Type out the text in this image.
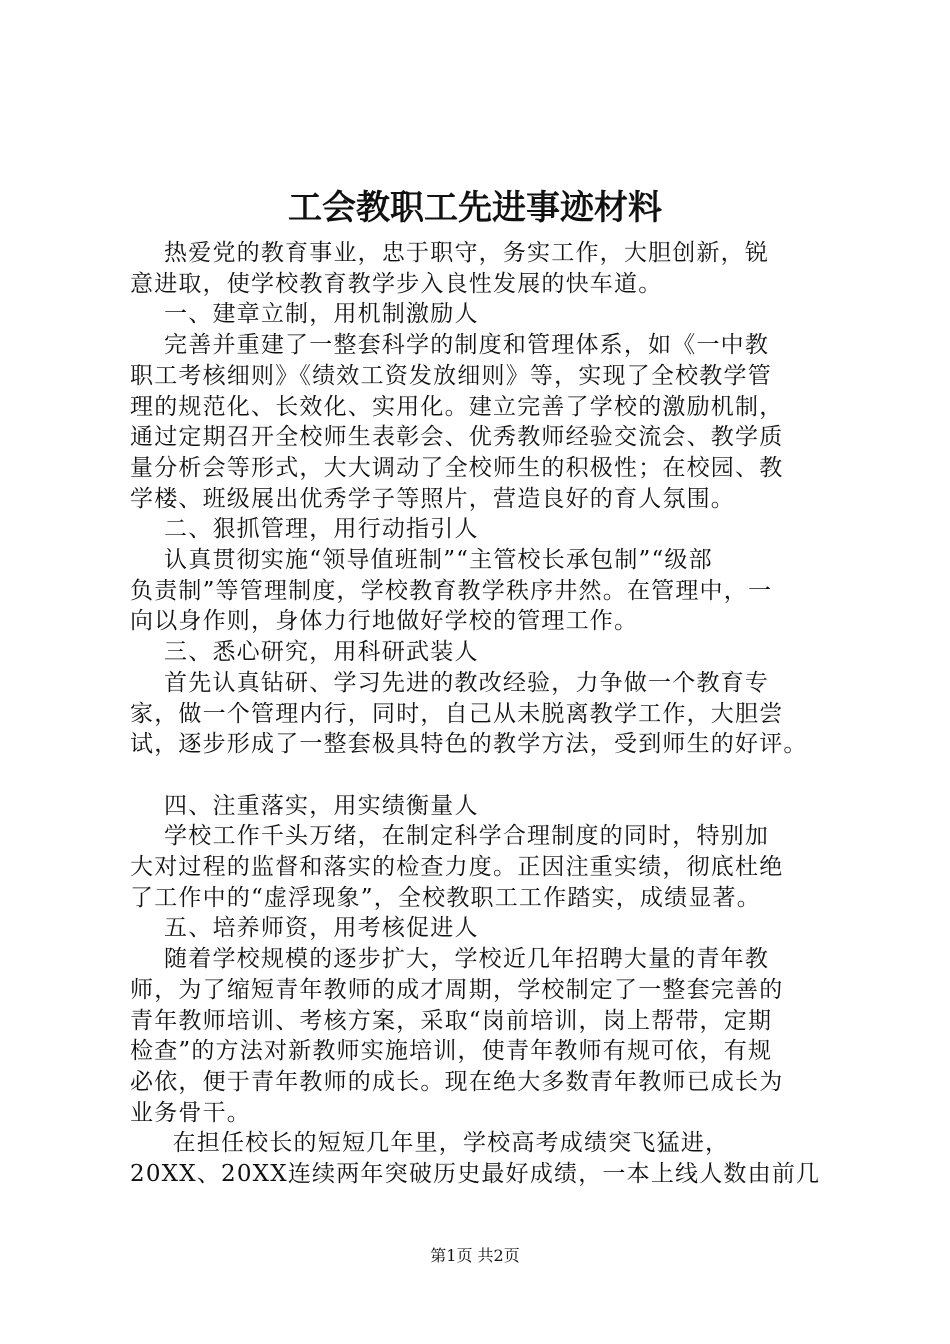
工会教职工先进事迹材料

热爱党的教育事业，忠于职守，务实工作，大胆创新，锐

意进取，使学校教育教学步入良性发展的快车道。

一、建章立制，用机制激励人

完善并重建了一整套科学的制度和管理体系，如《一中教

职工考核细则》《绩效工资发放细则》等，实现了全校教学管

理的规范化、长效化、实用化。建立完善了学校的激励机制，

通过定期召开全校师生表彰会、优秀教师经验交流会、教学质

量分析会等形式，大大调动了全校师生的积极性；在校园、教

学楼、班级展出优秀学子等照片，营造良好的育人氛围。

二、狠抓管理，用行动指引人

认真贯彻实施“领导值班制”“主管校长承包制”“级部

负责制”等管理制度，学校教育教学秩序井然。在管理中，一

向以身作则，身体力行地做好学校的管理工作。

三、悉心研究，用科研武装人

首先认真钻研、学习先进的教改经验，力争做一个教育专

家，做一个管理内行，同时，自己从未脱离教学工作，大胆尝

试，逐步形成了一整套极具特色的教学方法，受到师生的好评。

四、注重落实，用实绩衡量人

学校工作千头万绪，在制定科学合理制度的同时，特别加

大对过程的监督和落实的检查力度。正因注重实绩，彻底杜绝

了工作中的“虚浮现象”，全校教职工工作踏实，成绩显著。

五、培养师资，用考核促进人

随着学校规模的逐步扩大，学校近几年招聘大量的青年教

师，为了缩短青年教师的成才周期，学校制定了一整套完善的

青年教师培训、考核方案，采取“岗前培训，岗上帮带，定期

检查”的方法对新教师实施培训，使青年教师有规可依，有规

必依，便于青年教师的成长。现在绝大多数青年教师已成长为

业务骨干。

在担任校长的短短几年里，学校高考成绩突飞猛进，

20XX、20XX连续两年突破历史最好成绩，一本上线人数由前几

第1页 共2页
